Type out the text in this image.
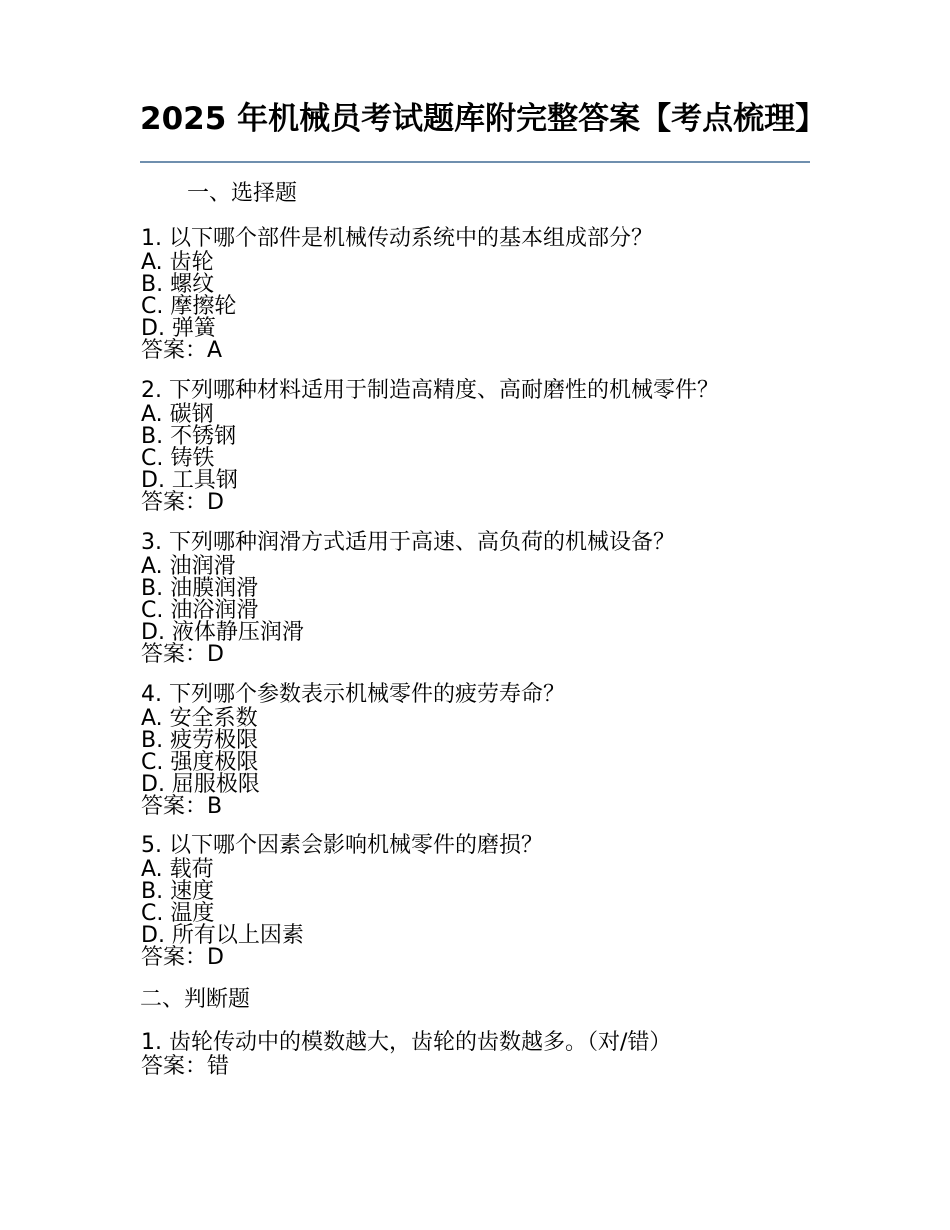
2025 年机械员考试题库附完整答案【考点梳理】
一、选择题
1. 以下哪个部件是机械传动系统中的基本组成部分？
A. 齿轮
B. 螺纹
C. 摩擦轮
D. 弹簧
答案：A
2. 下列哪种材料适用于制造高精度、高耐磨性的机械零件？
A. 碳钢
B. 不锈钢
C. 铸铁
D. 工具钢
答案：D
3. 下列哪种润滑方式适用于高速、高负荷的机械设备？
A. 油润滑
B. 油膜润滑
C. 油浴润滑
D. 液体静压润滑
答案：D
4. 下列哪个参数表示机械零件的疲劳寿命？
A. 安全系数
B. 疲劳极限
C. 强度极限
D. 屈服极限
答案：B
5. 以下哪个因素会影响机械零件的磨损？
A. 载荷
B. 速度
C. 温度
D. 所有以上因素
答案：D
二、判断题
1. 齿轮传动中的模数越大，齿轮的齿数越多。（对/错）
答案：错
